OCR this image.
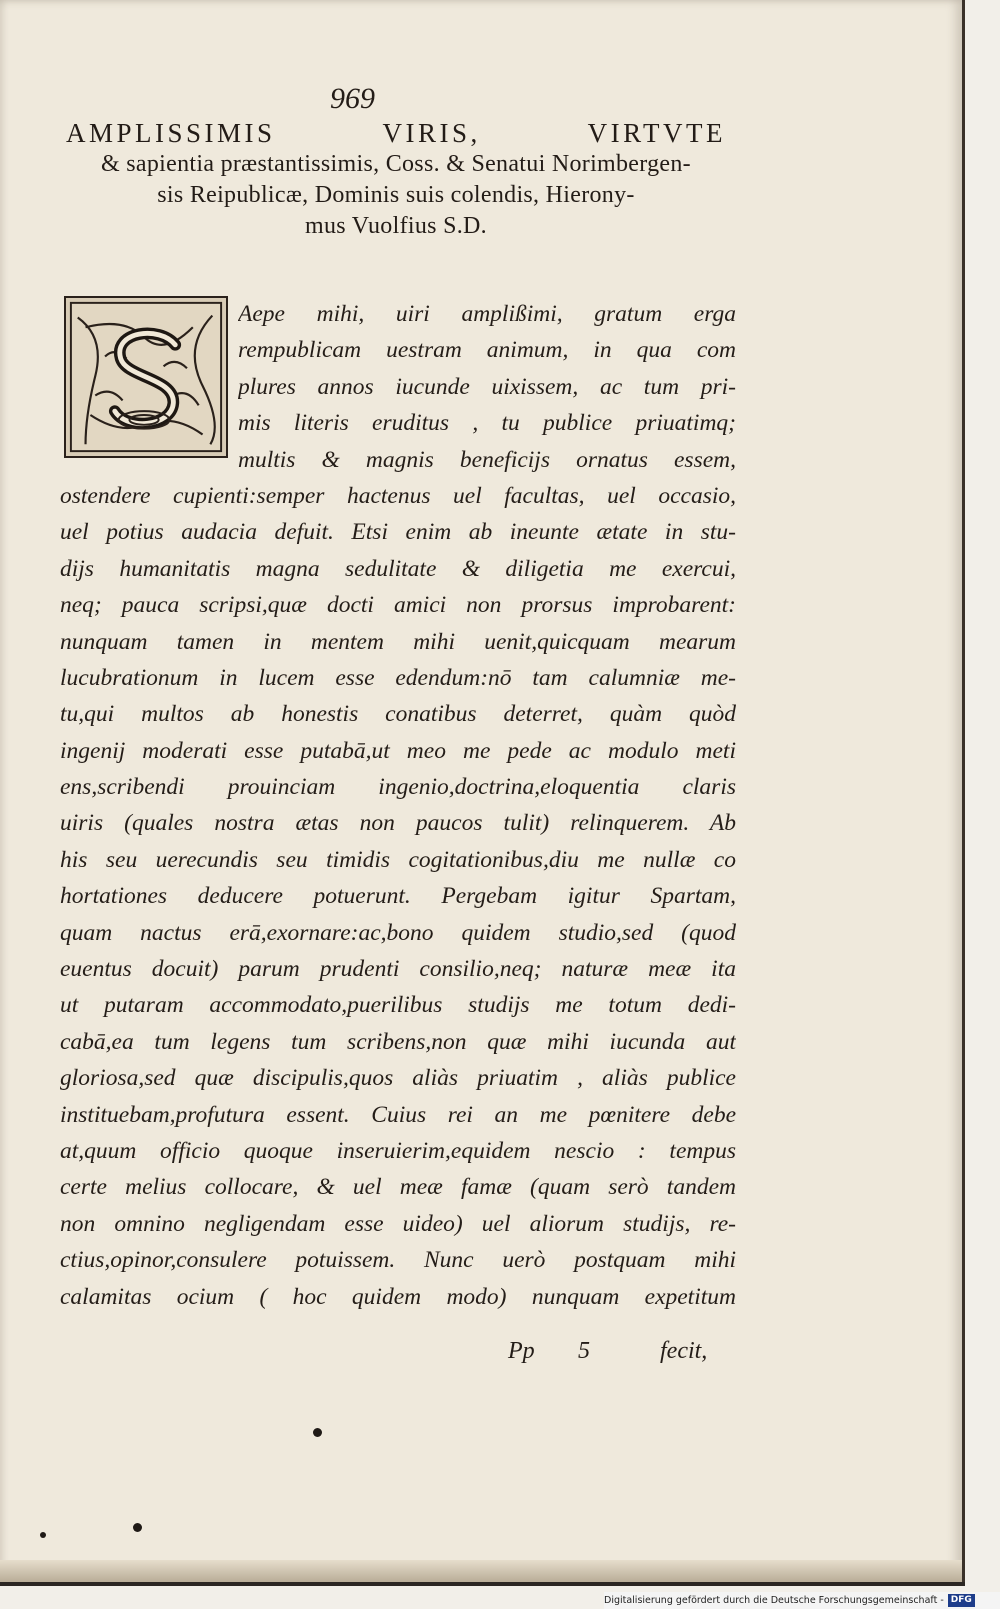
969
AMPLISSIMIS VIRIS, VIRTVTE
& sapientia præstantissimis, Coss. & Senatui Norimbergen-
sis Reipublicæ, Dominis suis colendis, Hierony-
mus Vuolfius S.D.
Aepe mihi, uiri amplißimi, gratum erga
rempublicam uestram animum, in qua com
plures annos iucunde uixissem, ac tum pri-
mis literis eruditus , tu publice priuatimq;
multis & magnis beneficijs ornatus essem,
ostendere cupienti:semper hactenus uel facultas, uel occasio,
uel potius audacia defuit. Etsi enim ab ineunte ætate in stu-
dijs humanitatis magna sedulitate & diligetia me exercui,
neq; pauca scripsi,quæ docti amici non prorsus improbarent:
nunquam tamen in mentem mihi uenit,quicquam mearum
lucubrationum in lucem esse edendum:nō tam calumniæ me-
tu,qui multos ab honestis conatibus deterret, quàm quòd
ingenij moderati esse putabā,ut meo me pede ac modulo meti
ens,scribendi prouinciam ingenio,doctrina,eloquentia claris
uiris (quales nostra ætas non paucos tulit) relinquerem. Ab
his seu uerecundis seu timidis cogitationibus,diu me nullæ co
hortationes deducere potuerunt. Pergebam igitur Spartam,
quam nactus erā,exornare:ac,bono quidem studio,sed (quod
euentus docuit) parum prudenti consilio,neq; naturæ meæ ita
ut putaram accommodato,puerilibus studijs me totum dedi-
cabā,ea tum legens tum scribens,non quæ mihi iucunda aut
gloriosa,sed quæ discipulis,quos aliàs priuatim , aliàs publice
instituebam,profutura essent. Cuius rei an me pœnitere debe
at,quum officio quoque inseruierim,equidem nescio : tempus
certe melius collocare, & uel meæ famæ (quam serò tandem
non omnino negligendam esse uideo) uel aliorum studijs, re-
ctius,opinor,consulere potuissem. Nunc uerò postquam mihi
calamitas ocium ( hoc quidem modo) nunquam expetitum
Pp 5	fecit,
Digitalisierung gefördert durch die Deutsche Forschungsgemeinschaft - DFG
